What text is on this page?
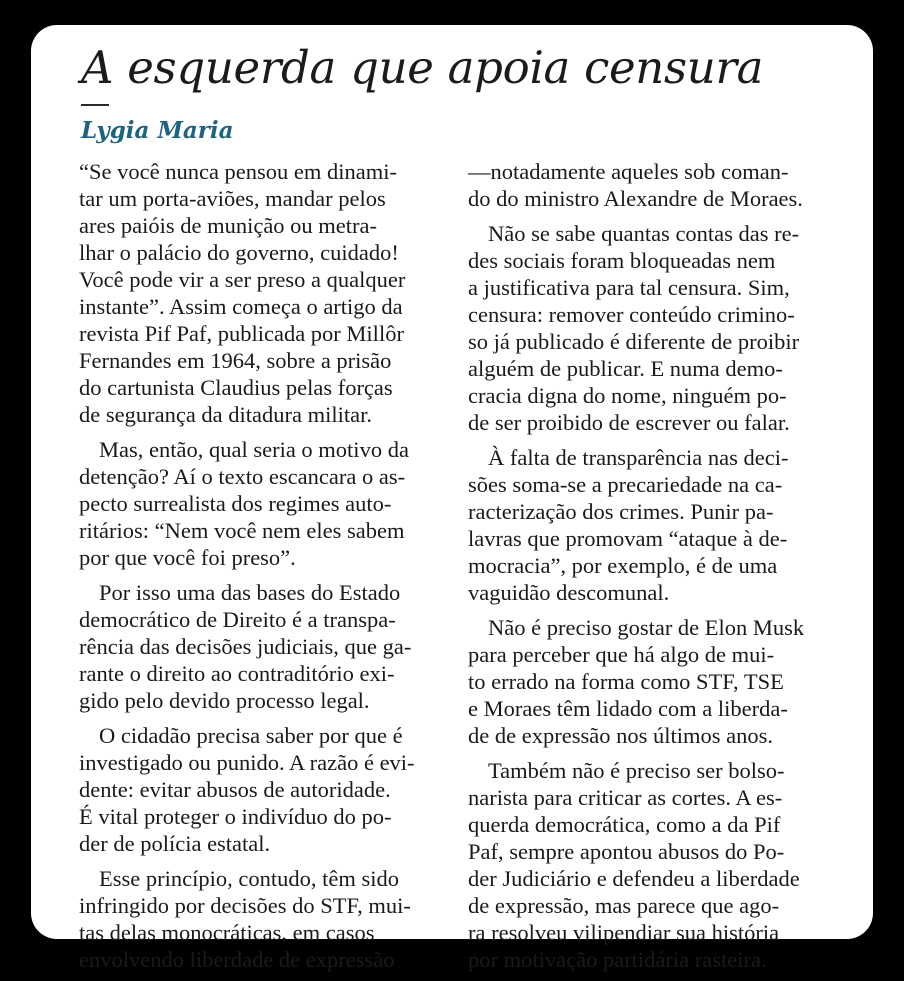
A esquerda que apoia censura
Lygia Maria

“Se você nunca pensou em dinami-
tar um porta-aviões, mandar pelos
ares paióis de munição ou metra-
lhar o palácio do governo, cuidado!
Você pode vir a ser preso a qualquer
instante”. Assim começa o artigo da
revista Pif Paf, publicada por Millôr
Fernandes em 1964, sobre a prisão
do cartunista Claudius pelas forças
de segurança da ditadura militar.

Mas, então, qual seria o motivo da
detenção? Aí o texto escancara o as-
pecto surrealista dos regimes auto-
ritários: “Nem você nem eles sabem
por que você foi preso”.

Por isso uma das bases do Estado
democrático de Direito é a transpa-
rência das decisões judiciais, que ga-
rante o direito ao contraditório exi-
gido pelo devido processo legal.

O cidadão precisa saber por que é
investigado ou punido. A razão é evi-
dente: evitar abusos de autoridade.
É vital proteger o indivíduo do po-
der de polícia estatal.

Esse princípio, contudo, têm sido
infringido por decisões do STF, mui-
tas delas monocráticas, em casos
envolvendo liberdade de expressão

—notadamente aqueles sob coman-
do do ministro Alexandre de Moraes.

Não se sabe quantas contas das re-
des sociais foram bloqueadas nem
a justificativa para tal censura. Sim,
censura: remover conteúdo crimino-
so já publicado é diferente de proibir
alguém de publicar. E numa demo-
cracia digna do nome, ninguém po-
de ser proibido de escrever ou falar.

À falta de transparência nas deci-
sões soma-se a precariedade na ca-
racterização dos crimes. Punir pa-
lavras que promovam “ataque à de-
mocracia”, por exemplo, é de uma
vaguidão descomunal.

Não é preciso gostar de Elon Musk
para perceber que há algo de mui-
to errado na forma como STF, TSE
e Moraes têm lidado com a liberda-
de de expressão nos últimos anos.

Também não é preciso ser bolso-
narista para criticar as cortes. A es-
querda democrática, como a da Pif
Paf, sempre apontou abusos do Po-
der Judiciário e defendeu a liberdade
de expressão, mas parece que ago-
ra resolveu vilipendiar sua história
por motivação partidária rasteira.
